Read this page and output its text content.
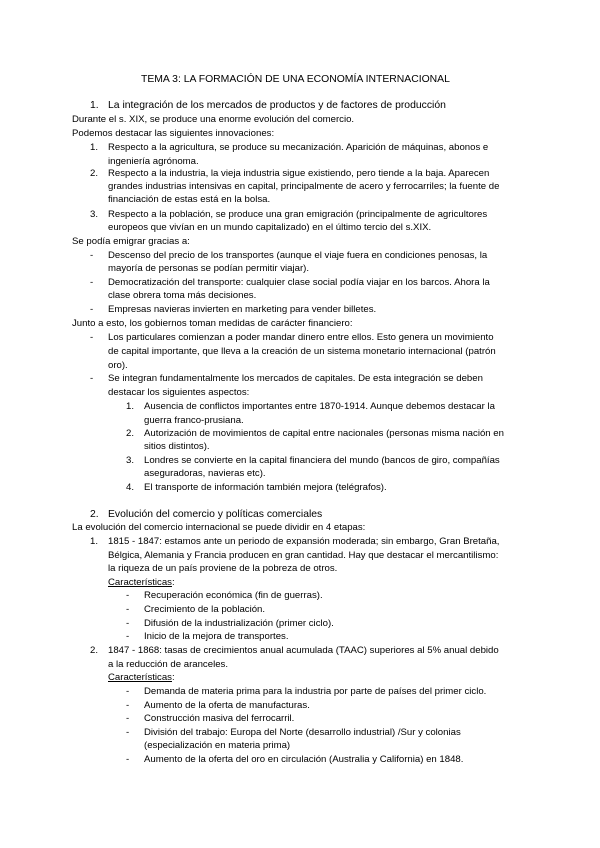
TEMA 3: LA FORMACIÓN DE UNA ECONOMÍA INTERNACIONAL
1. La integración de los mercados de productos y de factores de producción
Durante el s. XIX, se produce una enorme evolución del comercio.
Podemos destacar las siguientes innovaciones:
1. Respecto a la agricultura, se produce su mecanización. Aparición de máquinas, abonos e
ingeniería agrónoma.
2. Respecto a la industria, la vieja industria sigue existiendo, pero tiende a la baja. Aparecen
grandes industrias intensivas en capital, principalmente de acero y ferrocarriles; la fuente de
financiación de estas está en la bolsa.
3. Respecto a la población, se produce una gran emigración (principalmente de agricultores
europeos que vivían en un mundo capitalizado) en el último tercio del s.XIX.
Se podía emigrar gracias a:
- Descenso del precio de los transportes (aunque el viaje fuera en condiciones penosas, la
mayoría de personas se podían permitir viajar).
- Democratización del transporte: cualquier clase social podía viajar en los barcos. Ahora la
clase obrera toma más decisiones.
- Empresas navieras invierten en marketing para vender billetes.
Junto a esto, los gobiernos toman medidas de carácter financiero:
- Los particulares comienzan a poder mandar dinero entre ellos. Esto genera un movimiento
de capital importante, que lleva a la creación de un sistema monetario internacional (patrón
oro).
- Se integran fundamentalmente los mercados de capitales. De esta integración se deben
destacar los siguientes aspectos:
1. Ausencia de conflictos importantes entre 1870-1914. Aunque debemos destacar la
guerra franco-prusiana.
2. Autorización de movimientos de capital entre nacionales (personas misma nación en
sitios distintos).
3. Londres se convierte en la capital financiera del mundo (bancos de giro, compañías
aseguradoras, navieras etc).
4. El transporte de información también mejora (telégrafos).
2. Evolución del comercio y políticas comerciales
La evolución del comercio internacional se puede dividir en 4 etapas:
1. 1815 - 1847: estamos ante un periodo de expansión moderada; sin embargo, Gran Bretaña,
Bélgica, Alemania y Francia producen en gran cantidad. Hay que destacar el mercantilismo:
la riqueza de un país proviene de la pobreza de otros.
Características:
- Recuperación económica (fin de guerras).
- Crecimiento de la población.
- Difusión de la industrialización (primer ciclo).
- Inicio de la mejora de transportes.
2. 1847 - 1868: tasas de crecimientos anual acumulada (TAAC) superiores al 5% anual debido
a la reducción de aranceles.
Características:
- Demanda de materia prima para la industria por parte de países del primer ciclo.
- Aumento de la oferta de manufacturas.
- Construcción masiva del ferrocarril.
- División del trabajo: Europa del Norte (desarrollo industrial) /Sur y colonias
(especialización en materia prima)
- Aumento de la oferta del oro en circulación (Australia y California) en 1848.
